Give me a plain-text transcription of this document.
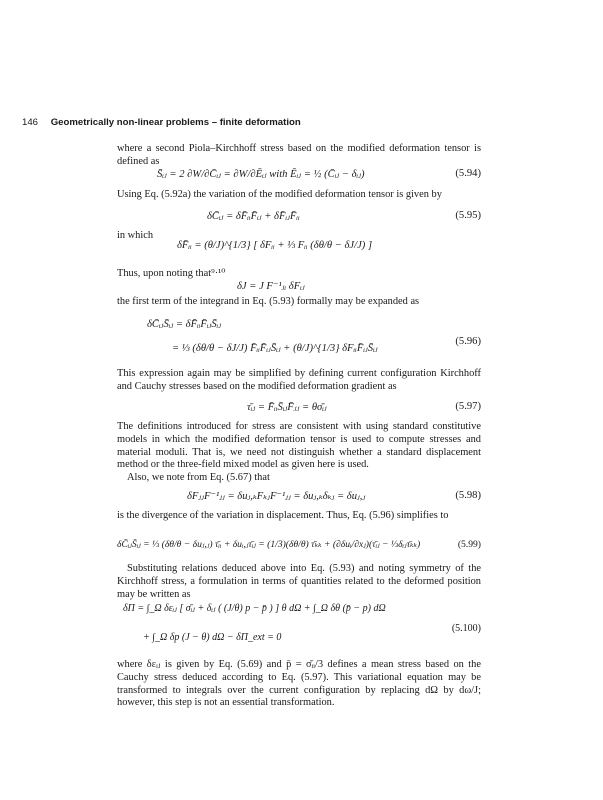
146 Geometrically non-linear problems – finite deformation
where a second Piola–Kirchhoff stress based on the modified deformation tensor is defined as
S̄ᵢⱼ = 2 ∂W/∂C̄ᵢⱼ = ∂W/∂Ēᵢⱼ with Ēᵢⱼ = ½ (C̄ᵢⱼ − δᵢⱼ)	(5.94)
Using Eq. (5.92a) the variation of the modified deformation tensor is given by
δC̄ᵢⱼ = δF̄ᵢᵢF̄ᵢⱼ + δF̄ᵢⱼF̄ᵢᵢ	(5.95)
in which
δF̄ᵢᵢ = (θ/J)^{1/3} [ δFᵢᵢ + ⅓ Fᵢᵢ (δθ/θ − δJ/J) ]
Thus, upon noting that⁹·¹⁰
δJ = J F⁻¹ⱼᵢ δFᵢⱼ
the first term of the integrand in Eq. (5.93) formally may be expanded as
δC̄ᵢⱼS̄ᵢⱼ = δF̄ᵢᵢF̄ᵢⱼS̄ᵢⱼ
= ⅓ (δθ/θ − δJ/J) F̄ᵢᵢF̄ᵢⱼS̄ᵢⱼ + (θ/J)^{1/3} δFᵢᵢF̄ᵢⱼS̄ᵢⱼ
(5.96)
This expression again may be simplified by defining current configuration Kirchhoff and Cauchy stresses based on the modified deformation gradient as
τ̄ᵢⱼ = F̄ᵢᵢS̄ᵢⱼF̄ⱼⱼ = θσ̄ᵢⱼ	(5.97)
The definitions introduced for stress are consistent with using standard constitutive models in which the modified deformation tensor is used to compute stresses and material moduli. That is, we need not distinguish whether a standard displacement method or the three-field mixed model as given here is used.
Also, we note from Eq. (5.67) that
δFⱼⱼF⁻¹ⱼⱼ = δuⱼ,ₖFₖⱼF⁻¹ⱼⱼ = δuⱼ,ₖδₖⱼ = δuⱼ,ⱼ	(5.98)
is the divergence of the variation in displacement. Thus, Eq. (5.96) simplifies to
δC̄ᵢⱼS̄ᵢⱼ = ⅓ (δθ/θ − δuⱼ,ⱼ) τ̄ᵢᵢ + δuᵢ,ⱼτ̄ᵢⱼ = (1/3)(δθ/θ) τ̄ₖₖ + (∂δuᵢ/∂xⱼ)(τ̄ᵢⱼ − ⅓δᵢⱼτ̄ₖₖ)	(5.99)
Substituting relations deduced above into Eq. (5.93) and noting symmetry of the Kirchhoff stress, a formulation in terms of quantities related to the deformed position may be written as
δΠ = ∫_Ω δεᵢⱼ [ σ̄ᵢⱼ + δᵢⱼ ( (J/θ) p − p̄ ) ] θ dΩ + ∫_Ω δθ (p̄ − p) dΩ
(5.100)
+ ∫_Ω δp (J − θ) dΩ − δΠ_ext = 0
where δεᵢⱼ is given by Eq. (5.69) and p̄ = σ̄ᵢᵢ/3 defines a mean stress based on the Cauchy stress deduced according to Eq. (5.97). This variational equation may be transformed to integrals over the current configuration by replacing dΩ by dω/J; however, this step is not an essential transformation.
